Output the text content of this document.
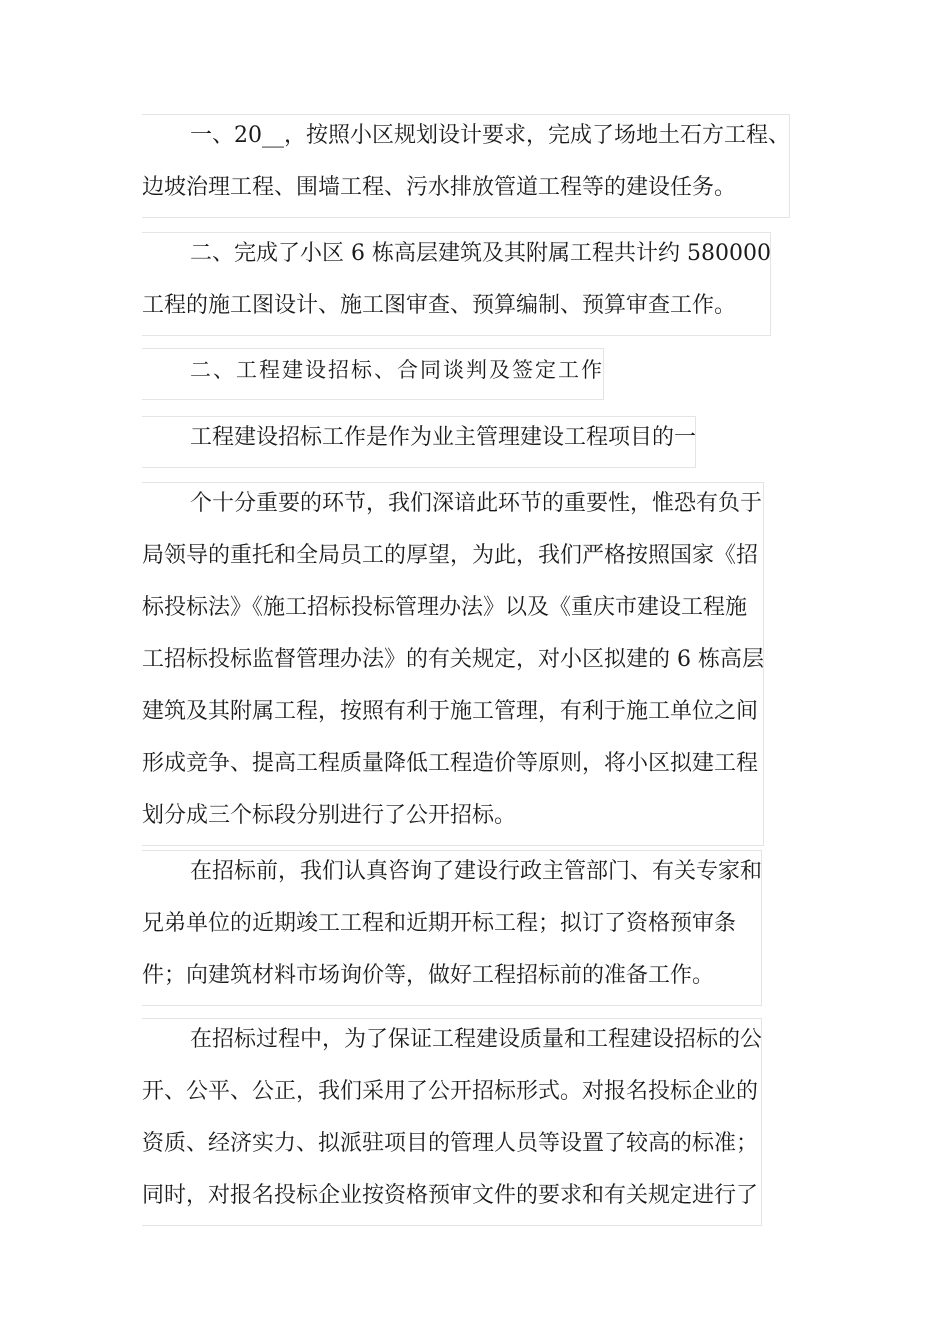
一、20__，按照小区规划设计要求，完成了场地土石方工程、
边坡治理工程、围墙工程、污水排放管道工程等的建设任务。
二、完成了小区 6 栋高层建筑及其附属工程共计约 580000
工程的施工图设计、施工图审查、预算编制、预算审查工作。
二、工程建设招标、合同谈判及签定工作
工程建设招标工作是作为业主管理建设工程项目的一
个十分重要的环节，我们深谙此环节的重要性，惟恐有负于
局领导的重托和全局员工的厚望，为此，我们严格按照国家《招
标投标法》《施工招标投标管理办法》以及《重庆市建设工程施
工招标投标监督管理办法》的有关规定，对小区拟建的 6 栋高层
建筑及其附属工程，按照有利于施工管理，有利于施工单位之间
形成竞争、提高工程质量降低工程造价等原则，将小区拟建工程
划分成三个标段分别进行了公开招标。
在招标前，我们认真咨询了建设行政主管部门、有关专家和
兄弟单位的近期竣工工程和近期开标工程；拟订了资格预审条
件；向建筑材料市场询价等，做好工程招标前的准备工作。
在招标过程中，为了保证工程建设质量和工程建设招标的公
开、公平、公正，我们采用了公开招标形式。对报名投标企业的
资质、经济实力、拟派驻项目的管理人员等设置了较高的标准；
同时，对报名投标企业按资格预审文件的要求和有关规定进行了
